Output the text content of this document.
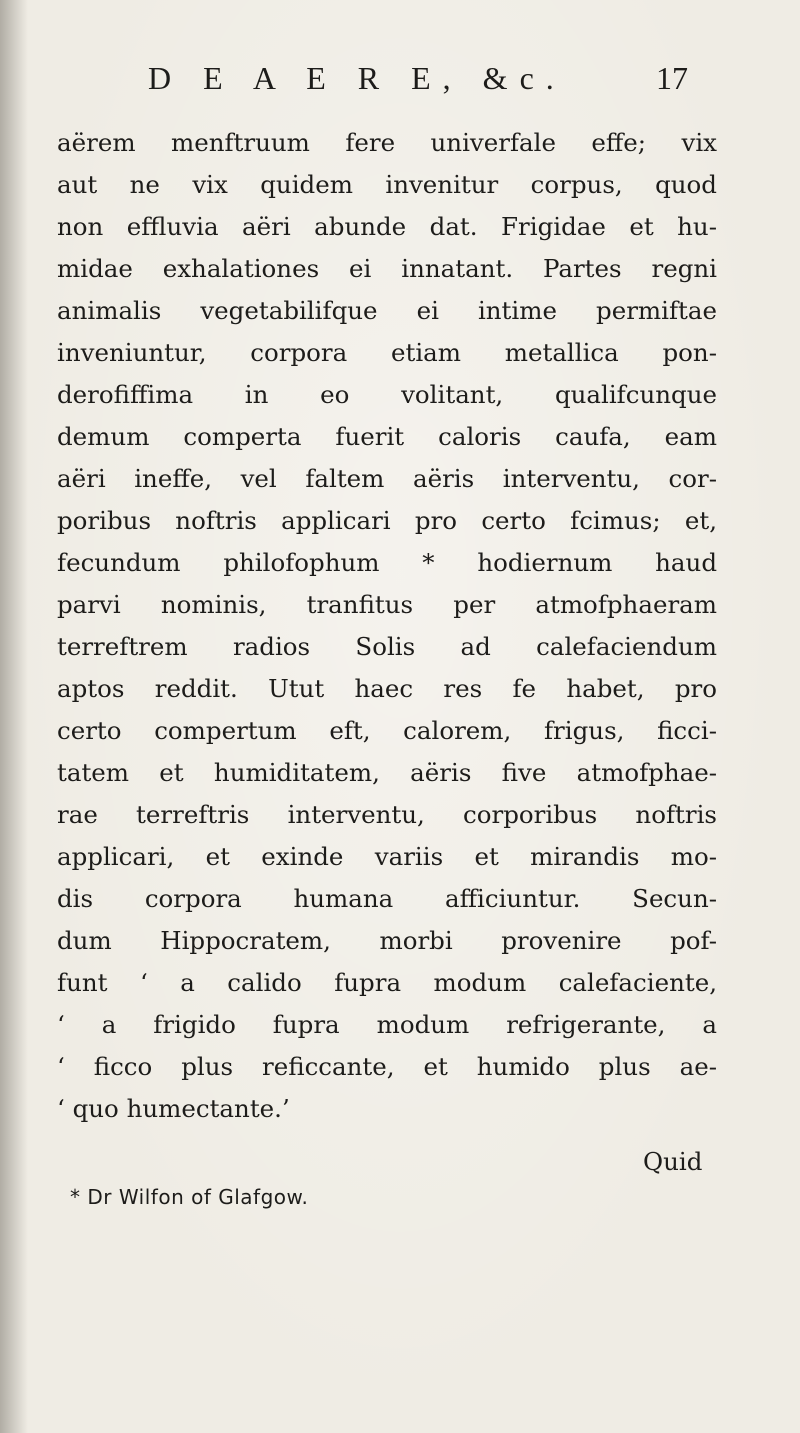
D E A E R E, &c.	17
aërem menftruum fere univerfale effe; vix
aut ne vix quidem invenitur corpus, quod
non effluvia aëri abunde dat. Frigidae et hu-
midae exhalationes ei innatant. Partes regni
animalis vegetabilifque ei intime permiftae
inveniuntur, corpora etiam metallica pon-
derofiffima in eo volitant, qualifcunque
demum comperta fuerit caloris caufa, eam
aëri ineffe, vel faltem aëris interventu, cor-
poribus noftris applicari pro certo fcimus; et,
fecundum philofophum * hodiernum haud
parvi nominis, tranfitus per atmofphaeram
terreftrem radios Solis ad calefaciendum
aptos reddit. Utut haec res fe habet, pro
certo compertum eft, calorem, frigus, ficci-
tatem et humiditatem, aëris five atmofphae-
rae terreftris interventu, corporibus noftris
applicari, et exinde variis et mirandis mo-
dis corpora humana afficiuntur. Secun-
dum Hippocratem, morbi provenire pof-
funt ‘ a calido fupra modum calefaciente,
‘ a frigido fupra modum refrigerante, a
‘ ficco plus reficcante, et humido plus ae-
‘ quo humectante.’
Quid
* Dr Wilfon of Glafgow.
